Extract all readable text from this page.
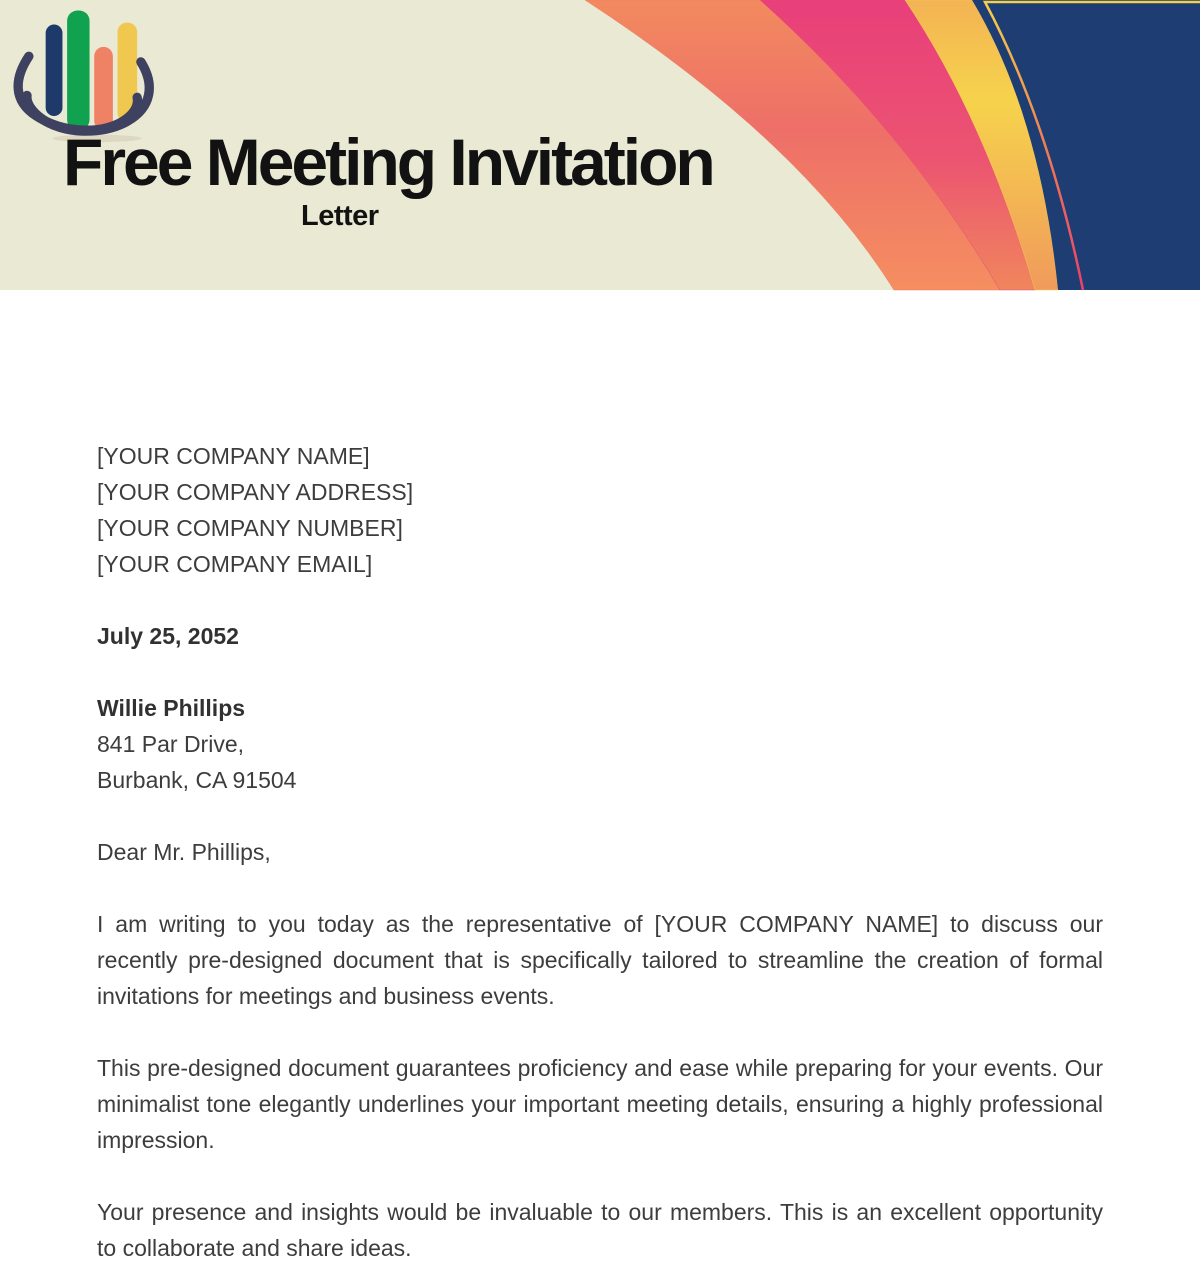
Free Meeting Invitation
Letter
[YOUR COMPANY NAME]
[YOUR COMPANY ADDRESS]
[YOUR COMPANY NUMBER]
[YOUR COMPANY EMAIL]
July 25, 2052
Willie Phillips
841 Par Drive,
Burbank, CA 91504
Dear Mr. Phillips,

I am writing to you today as the representative of [YOUR COMPANY NAME] to discuss our recently pre-designed document that is specifically tailored to streamline the creation of formal invitations for meetings and business events.

This pre-designed document guarantees proficiency and ease while preparing for your events. Our minimalist tone elegantly underlines your important meeting details, ensuring a highly professional impression.

Your presence and insights would be invaluable to our members. This is an excellent opportunity to collaborate and share ideas.
